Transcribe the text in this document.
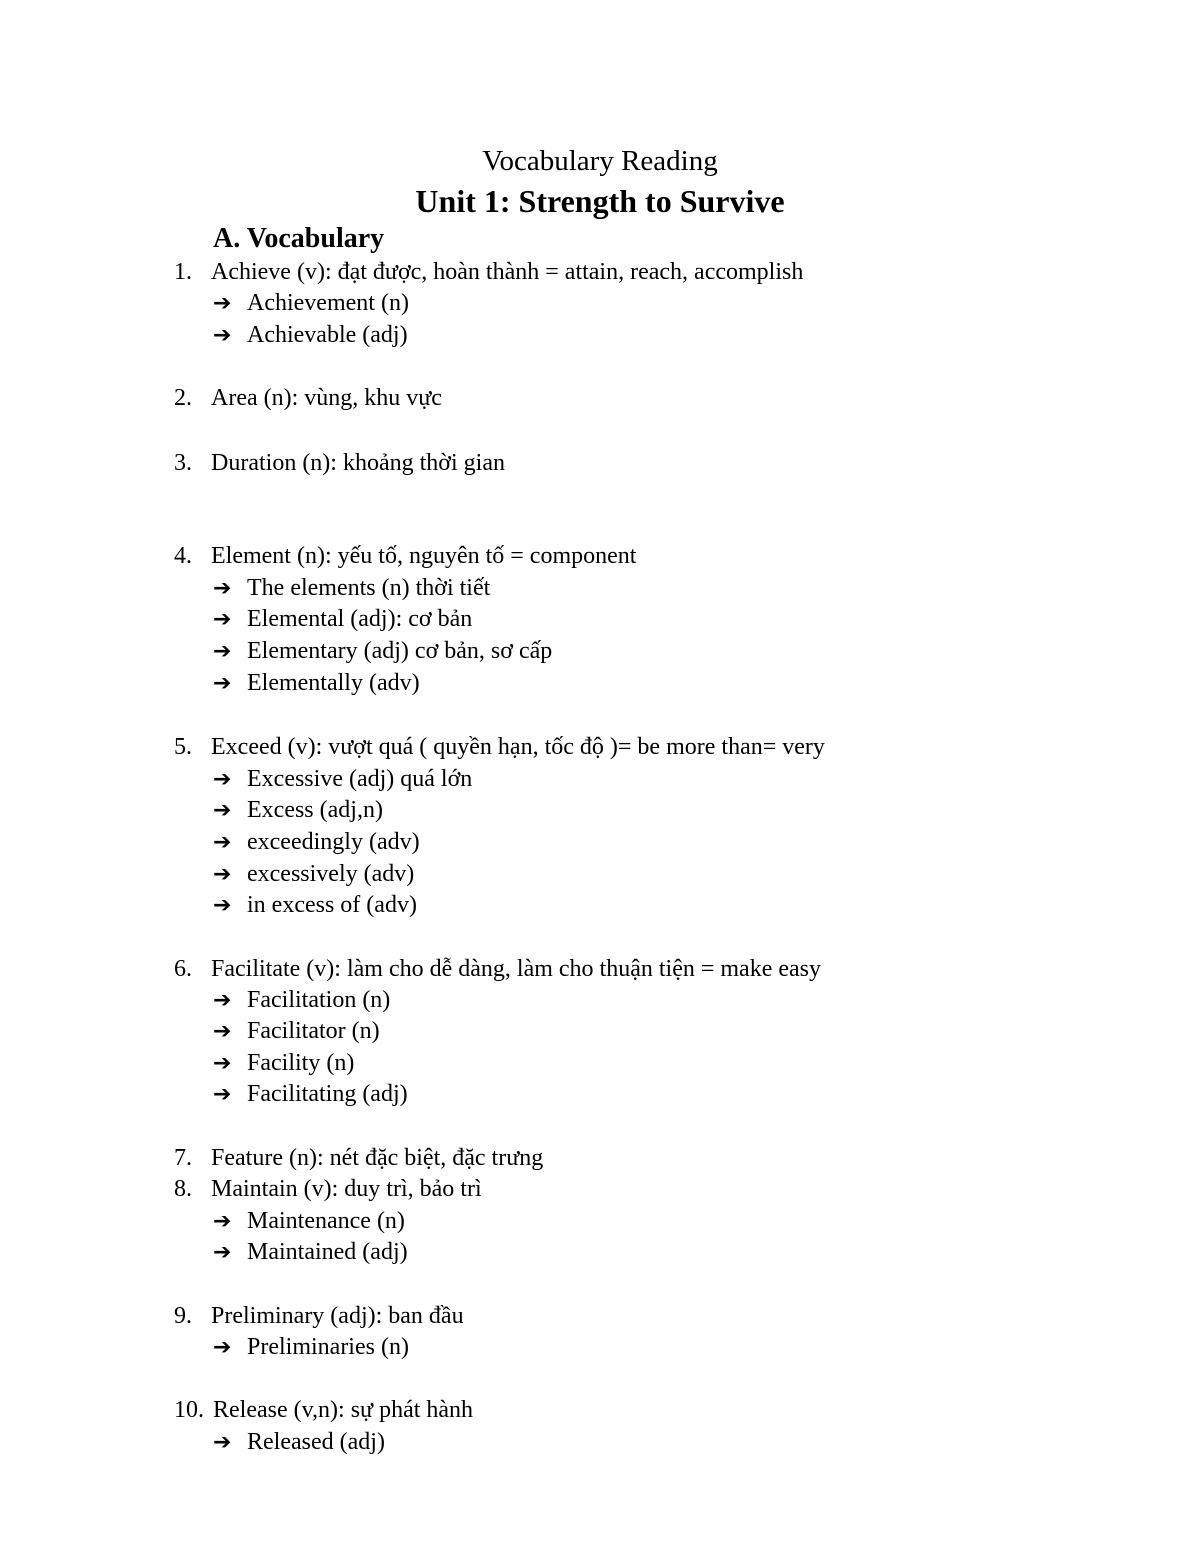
Vocabulary Reading
Unit 1: Strength to Survive
A. Vocabulary
1. Achieve (v): đạt được, hoàn thành = attain, reach, accomplish
➔ Achievement (n)
➔ Achievable (adj)
2. Area (n): vùng, khu vực
3. Duration (n): khoảng thời gian
4. Element (n): yếu tố, nguyên tố = component
➔ The elements (n) thời tiết
➔ Elemental (adj): cơ bản
➔ Elementary (adj) cơ bản, sơ cấp
➔ Elementally (adv)
5. Exceed (v): vượt quá ( quyền hạn, tốc độ )= be more than= very
➔ Excessive (adj) quá lớn
➔ Excess (adj,n)
➔ exceedingly (adv)
➔ excessively (adv)
➔ in excess of (adv)
6. Facilitate (v): làm cho dễ dàng, làm cho thuận tiện = make easy
➔ Facilitation (n)
➔ Facilitator (n)
➔ Facility (n)
➔ Facilitating (adj)
7. Feature (n): nét đặc biệt, đặc trưng
8. Maintain (v): duy trì, bảo trì
➔ Maintenance (n)
➔ Maintained (adj)
9. Preliminary (adj): ban đầu
➔ Preliminaries (n)
10. Release (v,n): sự phát hành
➔ Released (adj)
